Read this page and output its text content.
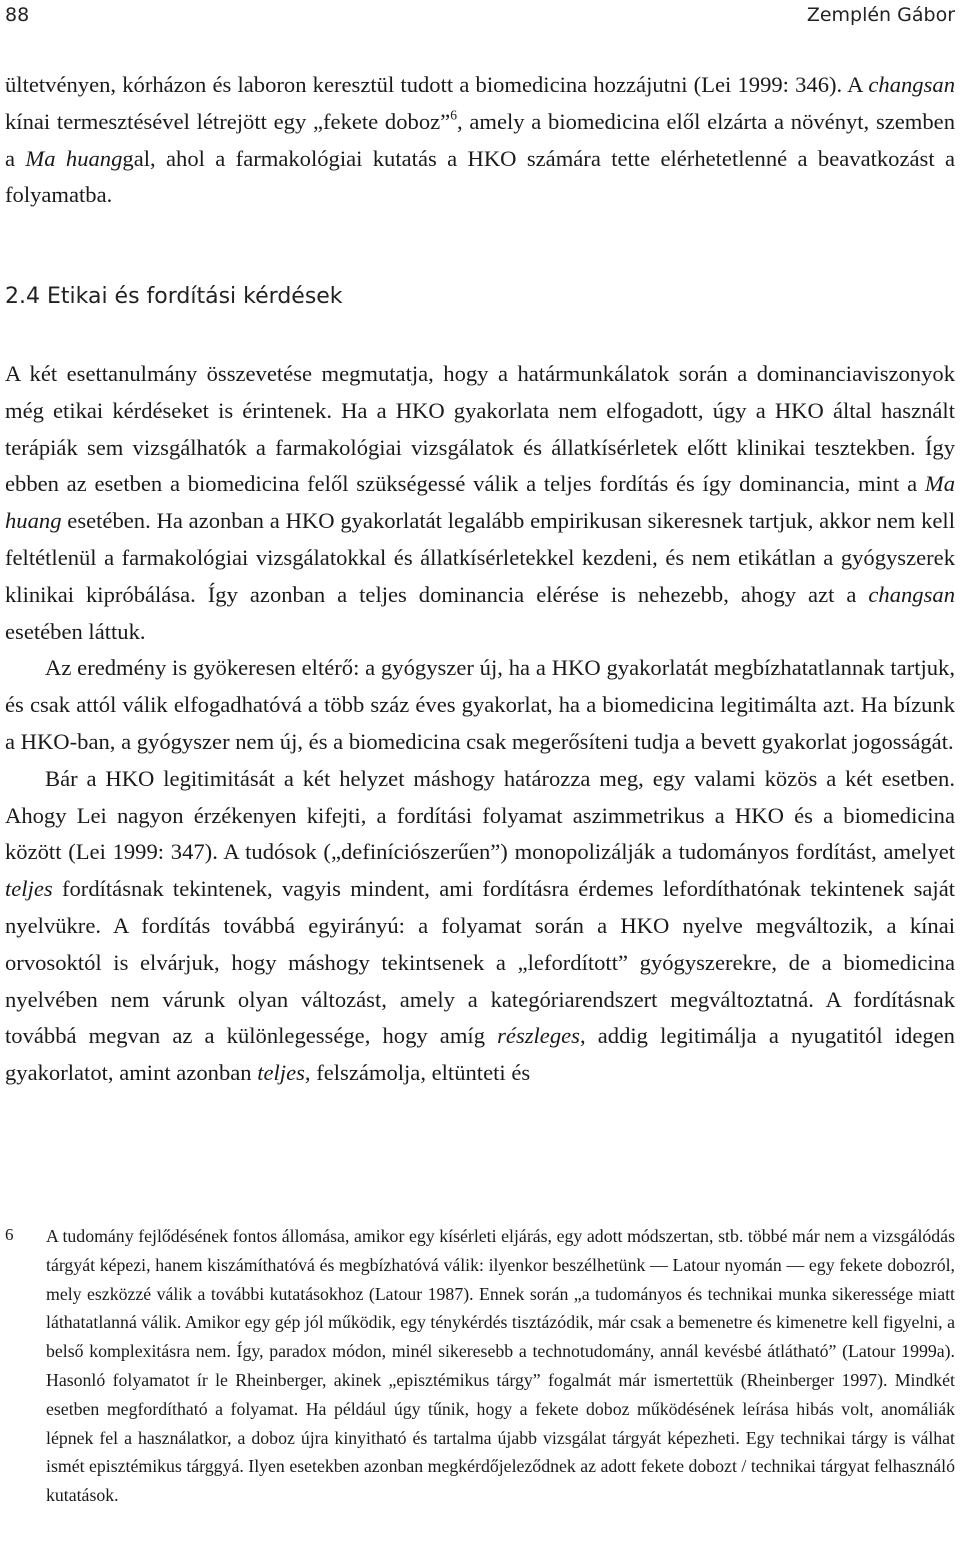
88	Zemplén Gábor

ültetvényen, kórházon és laboron keresztül tudott a biomedicina hozzájutni (Lei 1999: 346). A changsan kínai termesztésével létrejött egy „fekete doboz”$^6$, amely a biomedicina elől elzárta a növényt, szemben a Ma huanggal, ahol a farmakológiai kutatás a HKO számára tette elérhetetlenné a beavatkozást a folyamatba.

2.4 Etikai és fordítási kérdések

A két esettanulmány összevetése megmutatja, hogy a határmunkálatok során a dominanciaviszonyok még etikai kérdéseket is érintenek. Ha a HKO gyakorlata nem elfogadott, úgy a HKO által használt terápiák sem vizsgálhatók a farmakológiai vizsgálatok és állatkísérletek előtt klinikai tesztekben. Így ebben az esetben a biomedicina felől szükségessé válik a teljes fordítás és így dominancia, mint a Ma huang esetében. Ha azonban a HKO gyakorlatát legalább empirikusan sikeresnek tartjuk, akkor nem kell feltétlenül a farmakológiai vizsgálatokkal és állatkísérletekkel kezdeni, és nem etikátlan a gyógyszerek klinikai kipróbálása. Így azonban a teljes dominancia elérése is nehezebb, ahogy azt a changsan esetében láttuk.

Az eredmény is gyökeresen eltérő: a gyógyszer új, ha a HKO gyakorlatát megbízhatatlannak tartjuk, és csak attól válik elfogadhatóvá a több száz éves gyakorlat, ha a biomedicina legitimálta azt. Ha bízunk a HKO-ban, a gyógyszer nem új, és a biomedicina csak megerősíteni tudja a bevett gyakorlat jogosságát.

Bár a HKO legitimitását a két helyzet máshogy határozza meg, egy valami közös a két esetben. Ahogy Lei nagyon érzékenyen kifejti, a fordítási folyamat aszimmetrikus a HKO és a biomedicina között (Lei 1999: 347). A tudósok („definíciószerűen”) monopolizálják a tudományos fordítást, amelyet teljes fordításnak tekintenek, vagyis mindent, ami fordításra érdemes lefordíthatónak tekintenek saját nyelvükre. A fordítás továbbá egyirányú: a folyamat során a HKO nyelve megváltozik, a kínai orvosoktól is elvárjuk, hogy máshogy tekintsenek a „lefordított” gyógyszerekre, de a biomedicina nyelvében nem várunk olyan változást, amely a kategóriarendszert megváltoztatná. A fordításnak továbbá megvan az a különlegessége, hogy amíg részleges, addig legitimálja a nyugatitól idegen gyakorlatot, amint azonban teljes, felszámolja, eltünteti és

6 A tudomány fejlődésének fontos állomása, amikor egy kísérleti eljárás, egy adott módszertan, stb. többé már nem a vizsgálódás tárgyát képezi, hanem kiszámíthatóvá és megbízhatóvá válik: ilyenkor beszélhetünk — Latour nyomán — egy fekete dobozról, mely eszközzé válik a további kutatásokhoz (Latour 1987). Ennek során „a tudományos és technikai munka sikeressége miatt láthatatlanná válik. Amikor egy gép jól működik, egy ténykérdés tisztázódik, már csak a bemenetre és kimenetre kell figyelni, a belső komplexitásra nem. Így, paradox módon, minél sikeresebb a technotudomány, annál kevésbé átlátható” (Latour 1999a). Hasonló folyamatot ír le Rheinberger, akinek „episztémikus tárgy” fogalmát már ismertettük (Rheinberger 1997). Mindkét esetben megfordítható a folyamat. Ha például úgy tűnik, hogy a fekete doboz működésének leírása hibás volt, anomáliák lépnek fel a használatkor, a doboz újra kinyitható és tartalma újabb vizsgálat tárgyát képezheti. Egy technikai tárgy is válhat ismét episztémikus tárggyá. Ilyen esetekben azonban megkérdőjeleződnek az adott fekete dobozt / technikai tárgyat felhasználó kutatások.
